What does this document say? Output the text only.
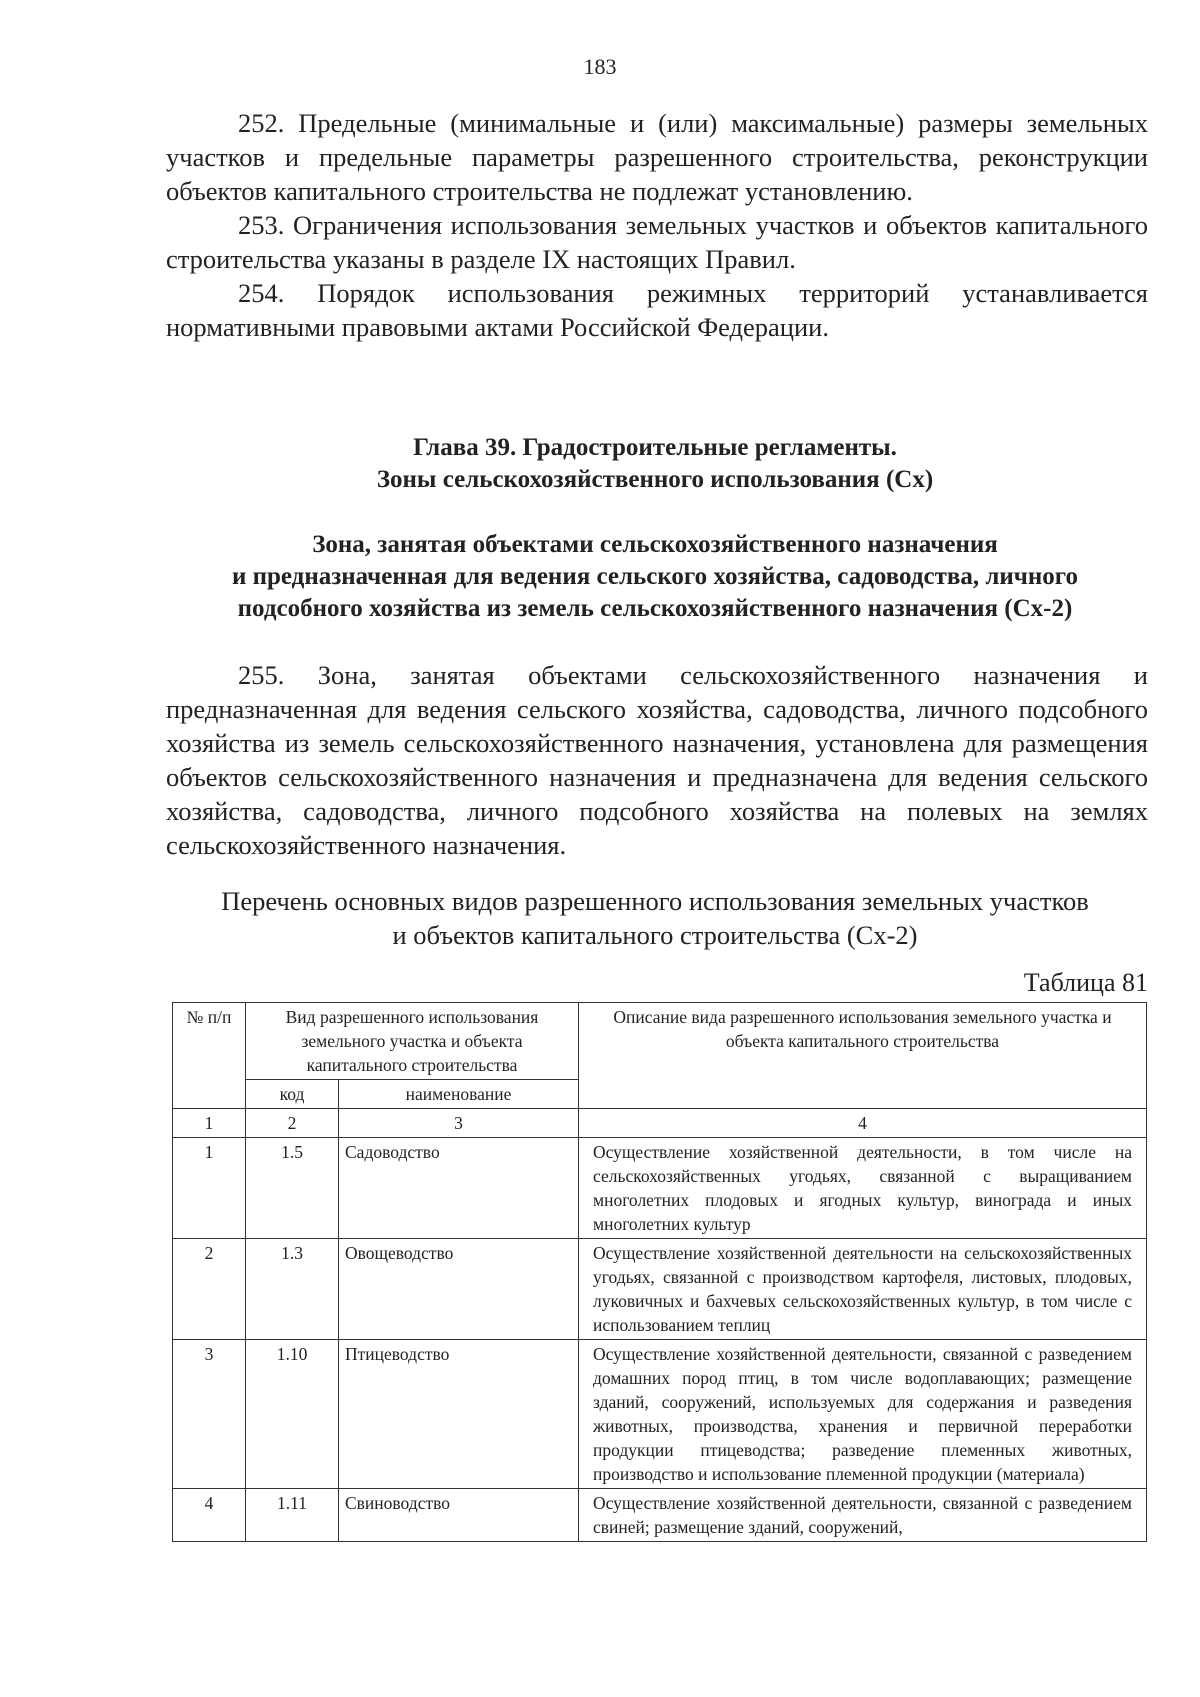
183

252. Предельные (минимальные и (или) максимальные) размеры земельных участков и предельные параметры разрешенного строительства, реконструкции объектов капитального строительства не подлежат установлению.

253. Ограничения использования земельных участков и объектов капитального строительства указаны в разделе IX настоящих Правил.

254. Порядок использования режимных территорий устанавливается нормативными правовыми актами Российской Федерации.

Глава 39. Градостроительные регламенты.
Зоны сельскохозяйственного использования (Сх)
Зона, занятая объектами сельскохозяйственного назначения
и предназначенная для ведения сельского хозяйства, садоводства, личного
подсобного хозяйства из земель сельскохозяйственного назначения (Сх-2)

255. Зона, занятая объектами сельскохозяйственного назначения и предназначенная для ведения сельского хозяйства, садоводства, личного подсобного хозяйства из земель сельскохозяйственного назначения, установлена для размещения объектов сельскохозяйственного назначения и предназначена для ведения сельского хозяйства, садоводства, личного подсобного хозяйства на полевых на землях сельскохозяйственного назначения.

Перечень основных видов разрешенного использования земельных участков
и объектов капитального строительства (Сх-2)
Таблица 81
№ п/п	Вид разрешенного использования земельного участка и объекта капитального строительства		Описание вида разрешенного использования земельного участка и объекта капитального строительства
	код	наименование	
1	2	3	4
1	1.5	Садоводство	Осуществление хозяйственной деятельности, в том числе на сельскохозяйственных угодьях, связанной с выращиванием многолетних плодовых и ягодных культур, винограда и иных многолетних культур
2	1.3	Овощеводство	Осуществление хозяйственной деятельности на сельскохозяйственных угодьях, связанной с производством картофеля, листовых, плодовых, луковичных и бахчевых сельскохозяйственных культур, в том числе с использованием теплиц
3	1.10	Птицеводство	Осуществление хозяйственной деятельности, связанной с разведением домашних пород птиц, в том числе водоплавающих; размещение зданий, сооружений, используемых для содержания и разведения животных, производства, хранения и первичной переработки продукции птицеводства; разведение племенных животных, производство и использование племенной продукции (материала)
4	1.11	Свиноводство	Осуществление хозяйственной деятельности, связанной с разведением свиней; размещение зданий, сооружений,
